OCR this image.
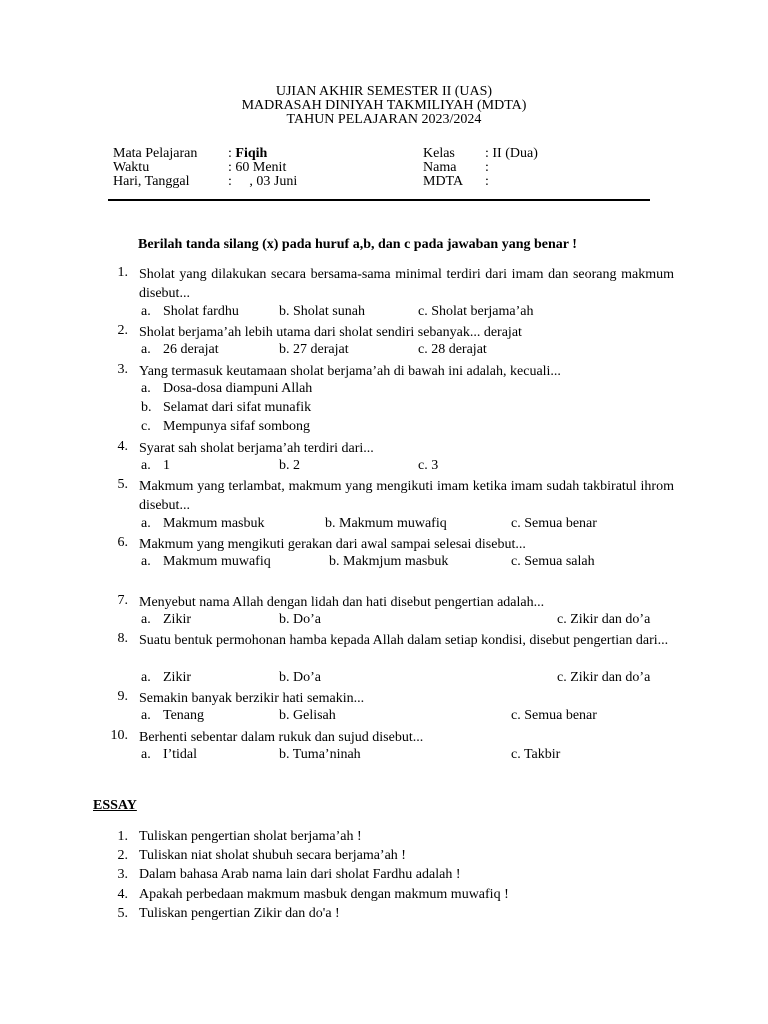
UJIAN AKHIR SEMESTER II (UAS)
MADRASAH DINIYAH TAKMILIYAH (MDTA)
TAHUN PELAJARAN 2023/2024
Mata Pelajaran : Fiqih
Waktu	: 60 Menit
Hari, Tanggal	:     , 03 Juni
Kelas : II (Dua)
Nama :
MDTA :
Berilah tanda silang (x) pada huruf a,b, dan c pada jawaban yang benar !
1. Sholat yang dilakukan secara bersama-sama minimal terdiri dari imam dan seorang makmum disebut...
a. Sholat fardhu	b. Sholat sunah	c. Sholat berjama’ah
2. Sholat berjama’ah lebih utama dari sholat sendiri sebanyak... derajat
a. 26 derajat	b. 27 derajat	c. 28 derajat
3. Yang termasuk keutamaan sholat berjama’ah di bawah ini adalah, kecuali...
a. Dosa-dosa diampuni Allah
b. Selamat dari sifat munafik
c. Mempunya sifaf sombong
4. Syarat sah sholat berjama’ah terdiri dari...
a. 1	b. 2	c. 3
5. Makmum yang terlambat, makmum yang mengikuti imam ketika imam sudah takbiratul ihrom disebut...
a. Makmum masbuk	b. Makmum muwafiq	c. Semua benar
6. Makmum yang mengikuti gerakan dari awal sampai selesai disebut...
a. Makmum muwafiq	b. Makmjum masbuk	c. Semua salah
7. Menyebut nama Allah dengan lidah dan hati disebut pengertian adalah...
a. Zikir	b. Do’a	c. Zikir dan do’a
8. Suatu bentuk permohonan hamba kepada Allah dalam setiap kondisi, disebut pengertian dari...
a. Zikir	b. Do’a	c. Zikir dan do’a
9. Semakin banyak berzikir hati semakin...
a. Tenang	b. Gelisah	c. Semua benar
10. Berhenti sebentar dalam rukuk dan sujud disebut...
a. I’tidal	b. Tuma’ninah	c. Takbir
ESSAY
1. Tuliskan pengertian sholat berjama’ah !
2. Tuliskan niat sholat shubuh secara berjama’ah !
3. Dalam bahasa Arab nama lain dari sholat Fardhu adalah !
4. Apakah perbedaan makmum masbuk dengan makmum muwafiq !
5. Tuliskan pengertian Zikir dan do'a !
